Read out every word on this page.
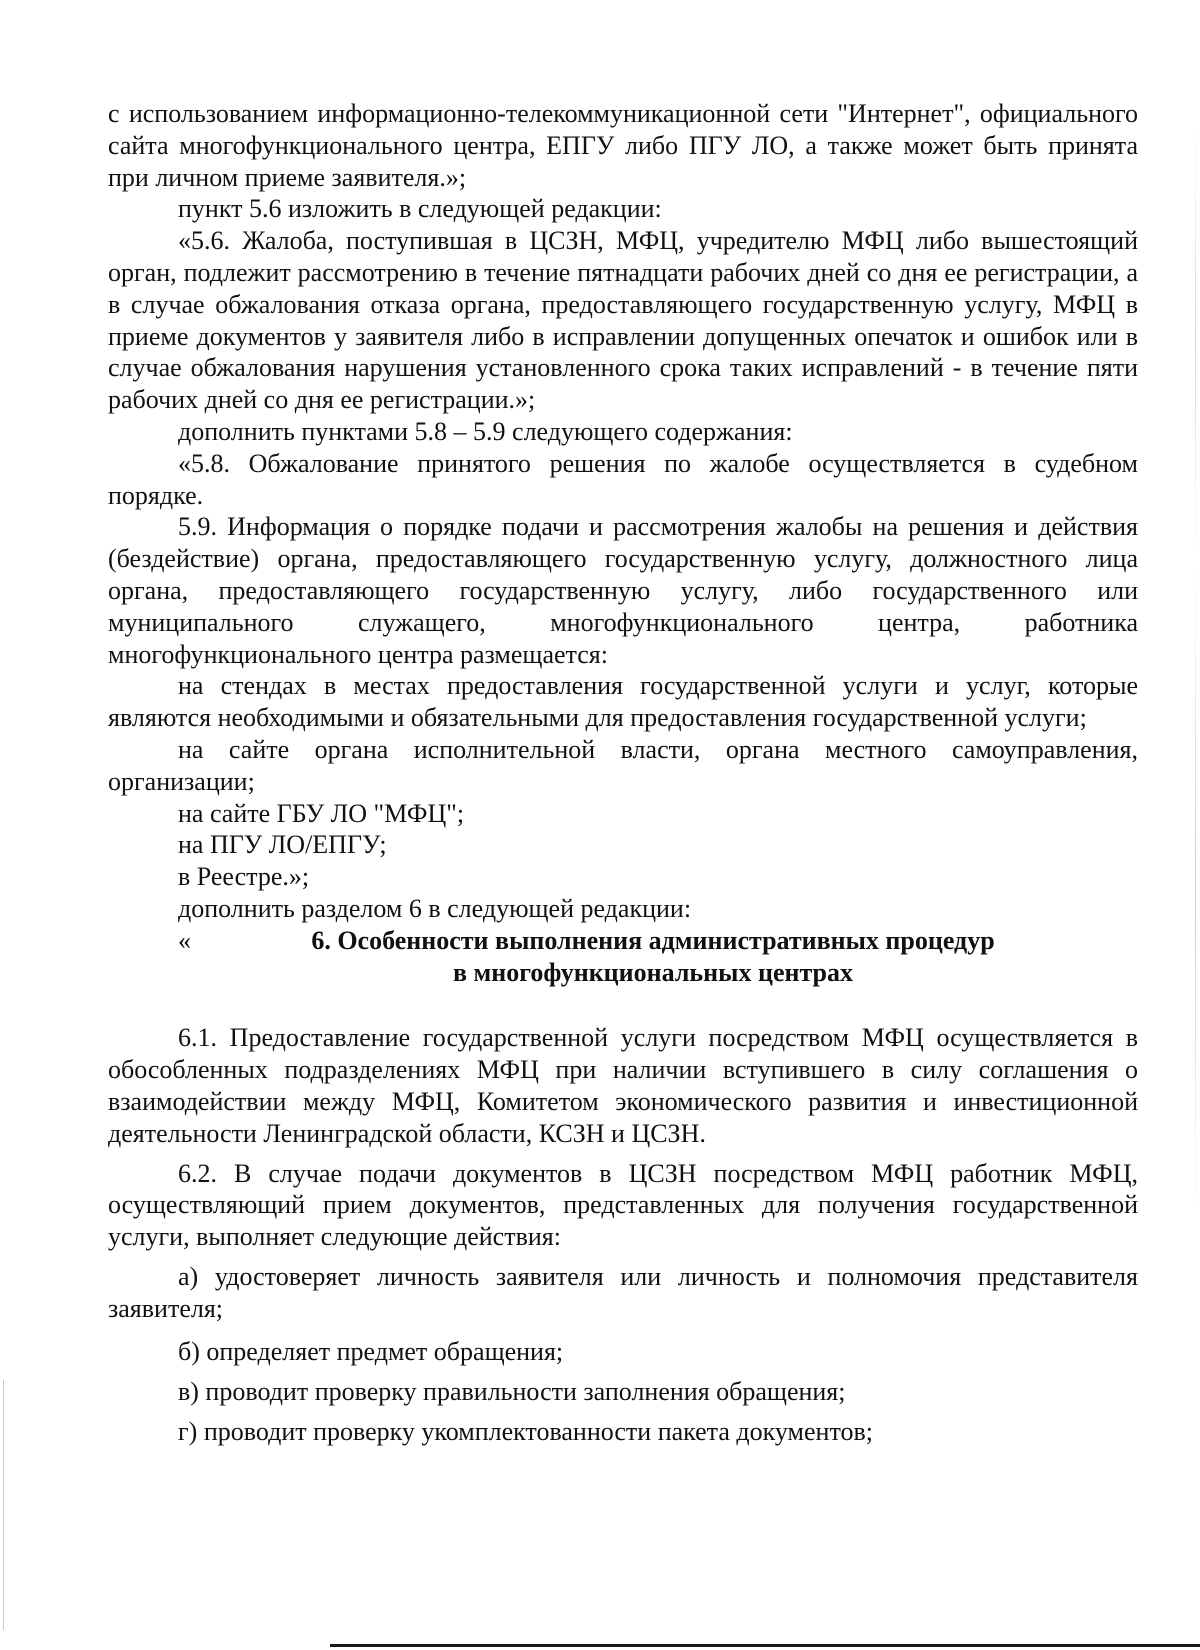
с использованием информационно-телекоммуникационной сети "Интернет", официального сайта многофункционального центра, ЕПГУ либо ПГУ ЛО, а также может быть принята при личном приеме заявителя.»;

пункт 5.6 изложить в следующей редакции:

«5.6. Жалоба, поступившая в ЦСЗН, МФЦ, учредителю МФЦ либо вышестоящий орган, подлежит рассмотрению в течение пятнадцати рабочих дней со дня ее регистрации, а в случае обжалования отказа органа, предоставляющего государственную услугу, МФЦ в приеме документов у заявителя либо в исправлении допущенных опечаток и ошибок или в случае обжалования нарушения установленного срока таких исправлений - в течение пяти рабочих дней со дня ее регистрации.»;

дополнить пунктами 5.8 – 5.9 следующего содержания:

«5.8. Обжалование принятого решения по жалобе осуществляется в судебном порядке.

5.9. Информация о порядке подачи и рассмотрения жалобы на решения и действия (бездействие) органа, предоставляющего государственную услугу, должностного лица органа, предоставляющего государственную услугу, либо государственного или муниципального служащего, многофункционального центра, работника многофункционального центра размещается:

на стендах в местах предоставления государственной услуги и услуг, которые являются необходимыми и обязательными для предоставления государственной услуги;

на сайте органа исполнительной власти, органа местного самоуправления, организации;

на сайте ГБУ ЛО "МФЦ";

на ПГУ ЛО/ЕПГУ;

в Реестре.»;

дополнить разделом 6 в следующей редакции:

«	6. Особенности выполнения административных процедур
в многофункциональных центрах

6.1. Предоставление государственной услуги посредством МФЦ осуществляется в обособленных подразделениях МФЦ при наличии вступившего в силу соглашения о взаимодействии между МФЦ, Комитетом экономического развития и инвестиционной деятельности Ленинградской области, КСЗН и ЦСЗН.

6.2. В случае подачи документов в ЦСЗН посредством МФЦ работник МФЦ, осуществляющий прием документов, представленных для получения государственной услуги, выполняет следующие действия:

а) удостоверяет личность заявителя или личность и полномочия представителя заявителя;

б) определяет предмет обращения;

в) проводит проверку правильности заполнения обращения;

г) проводит проверку укомплектованности пакета документов;
